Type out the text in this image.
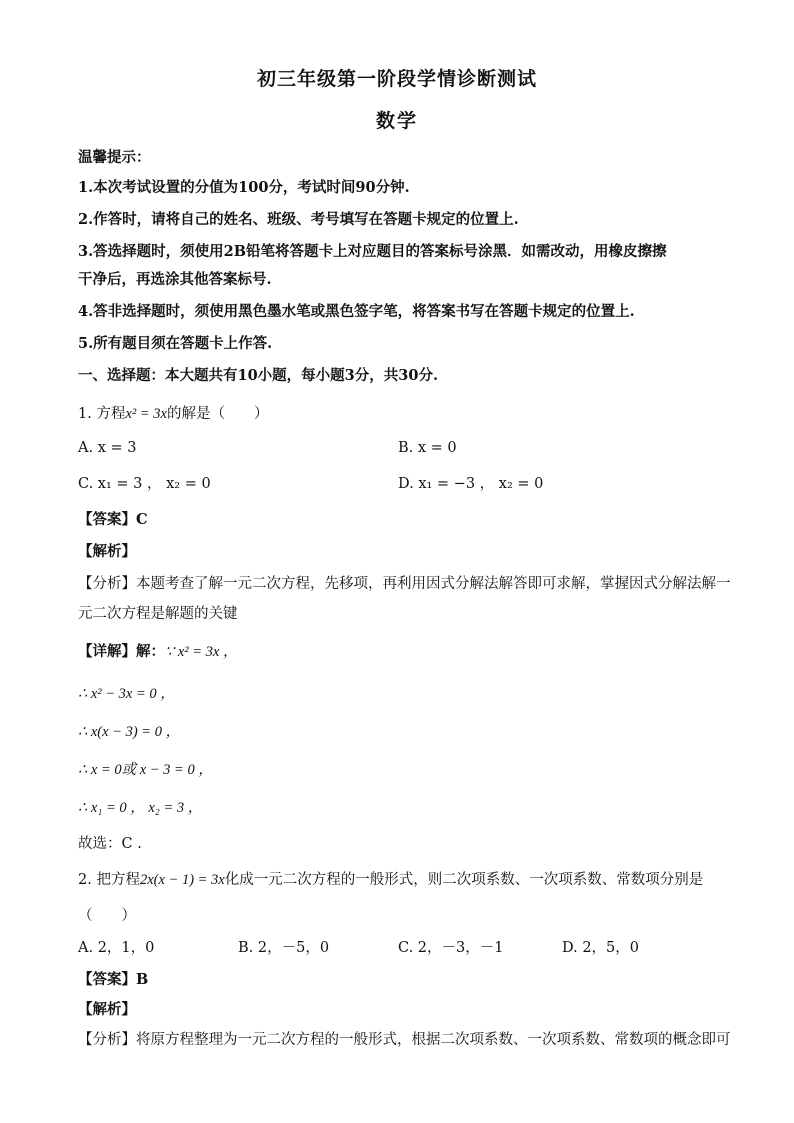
初三年级第一阶段学情诊断测试
数学
温馨提示：
1.本次考试设置的分值为100分，考试时间90分钟.
2.作答时，请将自己的姓名、班级、考号填写在答题卡规定的位置上.
3.答选择题时，须使用2B铅笔将答题卡上对应题目的答案标号涂黑．如需改动，用橡皮擦擦
干净后，再选涂其他答案标号.
4.答非选择题时，须使用黑色墨水笔或黑色签字笔，将答案书写在答题卡规定的位置上.
5.所有题目须在答题卡上作答.
一、选择题：本大题共有10小题，每小题3分，共30分.
1. 方程x² = 3x的解是（　　）
A. x = 3	B. x = 0
C. x₁ = 3 ， x₂ = 0	D. x₁ = −3 ， x₂ = 0
【答案】C
【解析】
【分析】本题考查了解一元二次方程，先移项，再利用因式分解法解答即可求解，掌握因式分解法解一
元二次方程是解题的关键
【详解】解：∵ x² = 3x ，
∴ x² − 3x = 0 ，
∴ x(x − 3) = 0 ，
∴ x = 0或 x − 3 = 0 ，
∴ x₁ = 0 ， x₂ = 3 ，
故选：C .
2. 把方程2x(x − 1) = 3x化成一元二次方程的一般形式，则二次项系数、一次项系数、常数项分别是
（　　）
A. 2，1，0	B. 2，－5，0	C. 2，－3，－1	D. 2，5，0
【答案】B
【解析】
【分析】将原方程整理为一元二次方程的一般形式，根据二次项系数、一次项系数、常数项的概念即可
